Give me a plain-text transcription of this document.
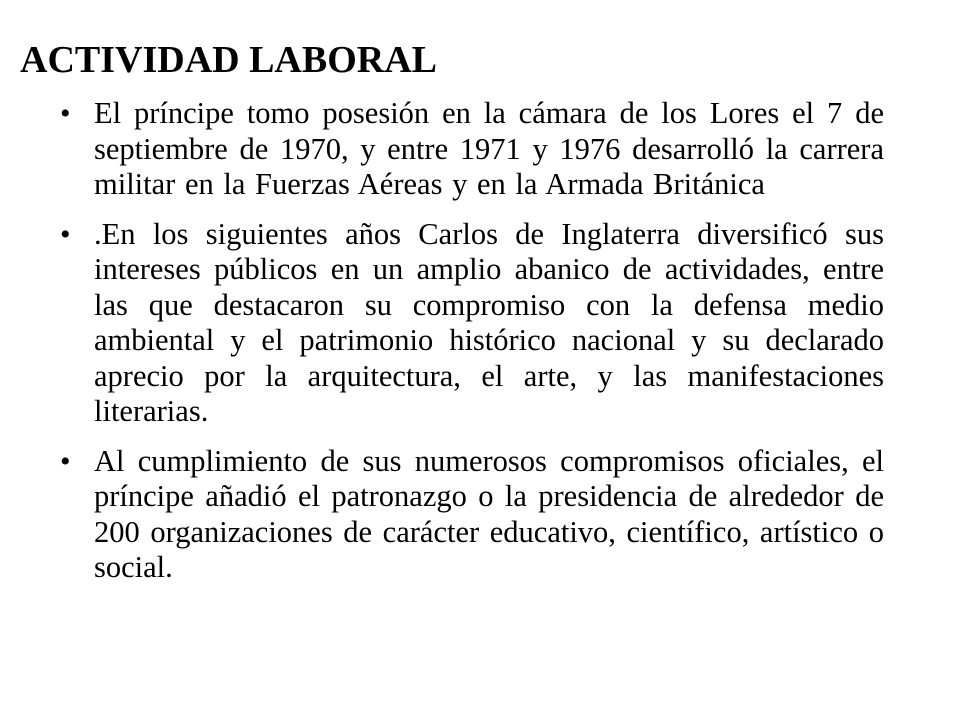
ACTIVIDAD LABORAL
• El príncipe tomo posesión en la cámara de los Lores el 7 de septiembre de 1970, y entre 1971 y 1976 desarrolló la carrera militar en la Fuerzas Aéreas y en la Armada Británica
• .En los siguientes años Carlos de Inglaterra diversificó sus intereses públicos en un amplio abanico de actividades, entre las que destacaron su compromiso con la defensa medio ambiental y el patrimonio histórico nacional y su declarado aprecio por la arquitectura, el arte, y las manifestaciones literarias.
• Al cumplimiento de sus numerosos compromisos oficiales, el príncipe añadió el patronazgo o la presidencia de alrededor de 200 organizaciones de carácter educativo, científico, artístico o social.
